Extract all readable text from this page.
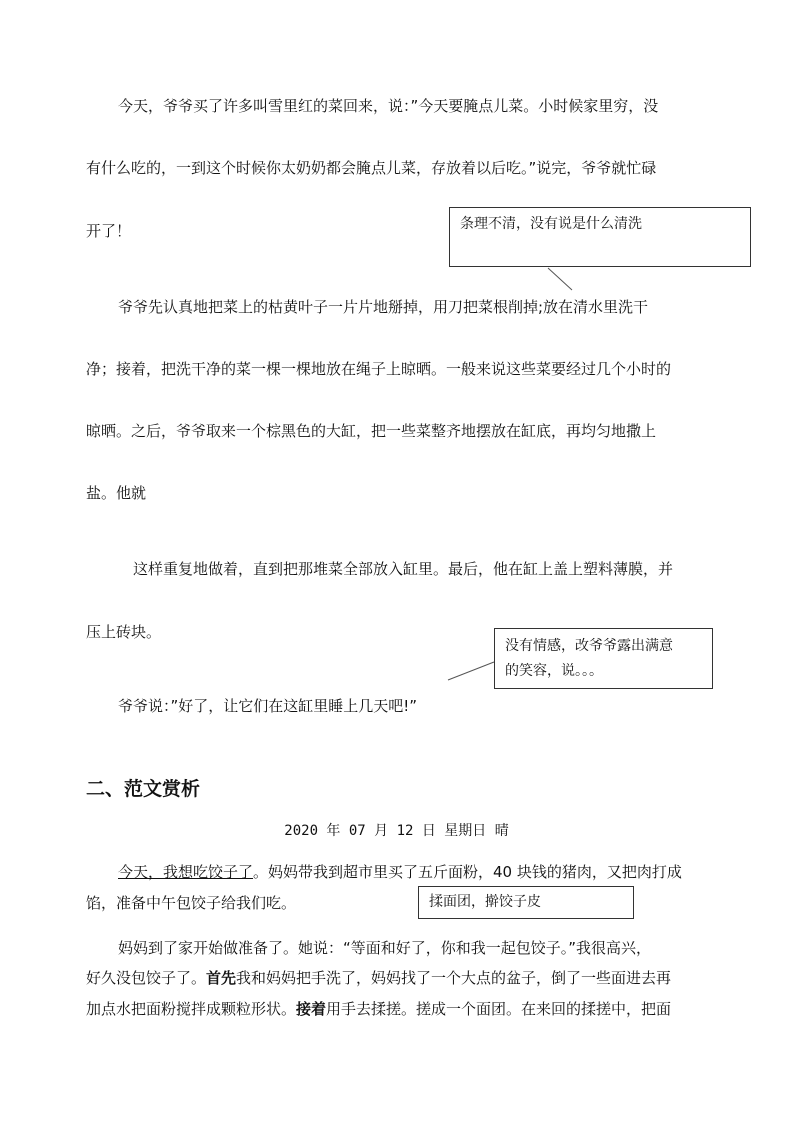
今天，爷爷买了许多叫雪里红的菜回来，说：”今天要腌点儿菜。小时候家里穷，没
有什么吃的，一到这个时候你太奶奶都会腌点儿菜，存放着以后吃。”说完，爷爷就忙碌
开了！	条理不清，没有说是什么清洗
爷爷先认真地把菜上的枯黄叶子一片片地掰掉，用刀把菜根削掉;放在清水里洗干
净；接着，把洗干净的菜一棵一棵地放在绳子上晾晒。一般来说这些菜要经过几个小时的
晾晒。之后，爷爷取来一个棕黑色的大缸，把一些菜整齐地摆放在缸底，再均匀地撒上
盐。他就
这样重复地做着，直到把那堆菜全部放入缸里。最后，他在缸上盖上塑料薄膜，并
压上砖块。
没有情感，改爷爷露出满意
的笑容，说。。。
爷爷说：”好了，让它们在这缸里睡上几天吧!”
二、范文赏析
2020 年 07 月 12 日 星期日 晴
今天，我想吃饺子了。妈妈带我到超市里买了五斤面粉，40 块钱的猪肉，又把肉打成
馅，准备中午包饺子给我们吃。	揉面团，擀饺子皮
妈妈到了家开始做准备了。她说：“等面和好了，你和我一起包饺子。”我很高兴，
好久没包饺子了。首先我和妈妈把手洗了，妈妈找了一个大点的盆子，倒了一些面进去再
加点水把面粉搅拌成颗粒形状。接着用手去揉搓。搓成一个面团。在来回的揉搓中，把面
